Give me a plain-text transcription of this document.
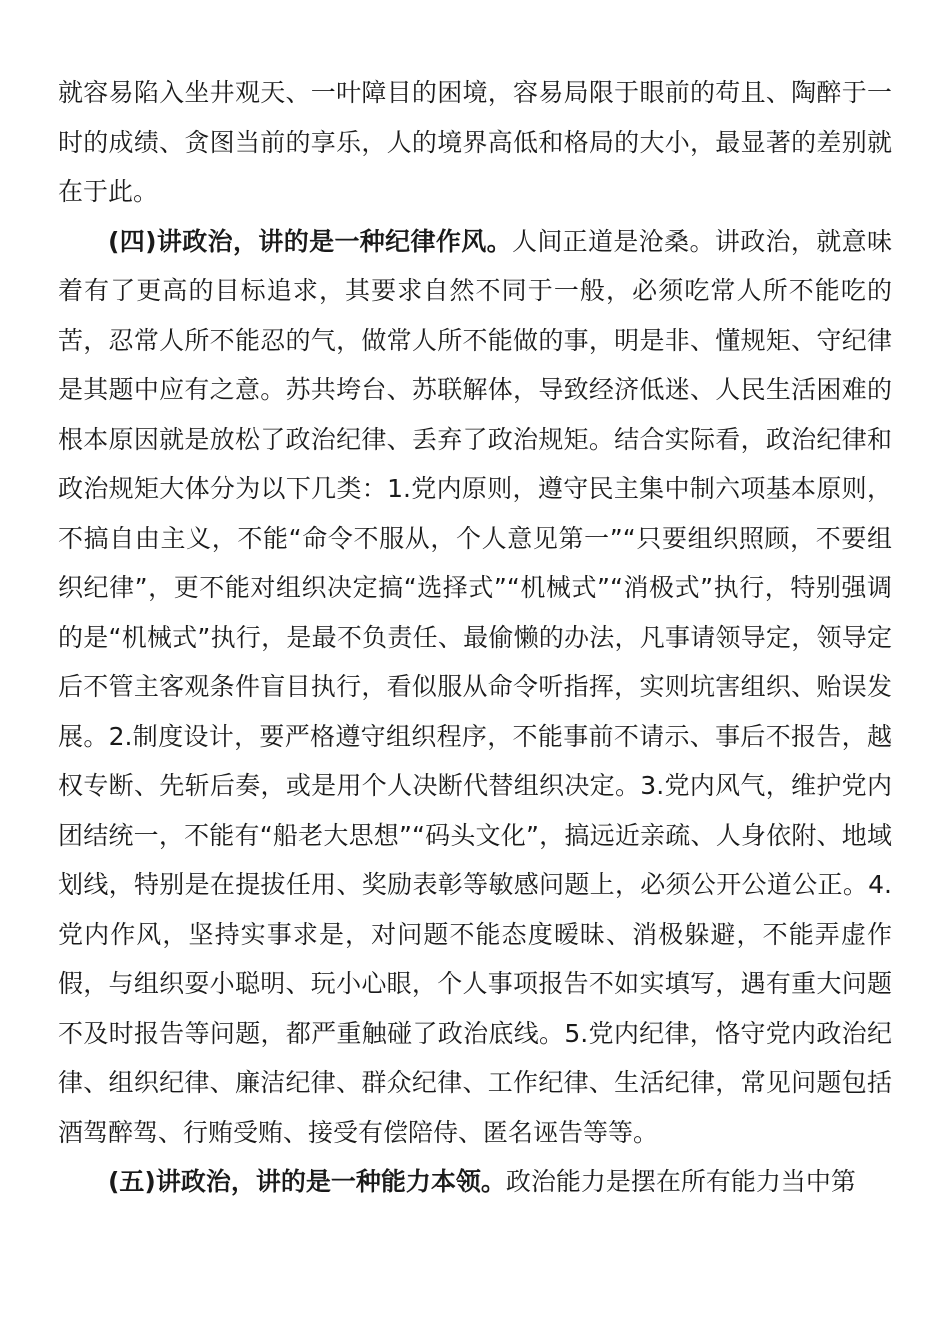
就容易陷入坐井观天、一叶障目的困境，容易局限于眼前的苟且、陶醉于一时的成绩、贪图当前的享乐，人的境界高低和格局的大小，最显著的差别就在于此。

(四)讲政治，讲的是一种纪律作风。人间正道是沧桑。讲政治，就意味着有了更高的目标追求，其要求自然不同于一般，必须吃常人所不能吃的苦，忍常人所不能忍的气，做常人所不能做的事，明是非、懂规矩、守纪律是其题中应有之意。苏共垮台、苏联解体，导致经济低迷、人民生活困难的根本原因就是放松了政治纪律、丢弃了政治规矩。结合实际看，政治纪律和政治规矩大体分为以下几类：1.党内原则，遵守民主集中制六项基本原则，不搞自由主义，不能“命令不服从，个人意见第一”“只要组织照顾，不要组织纪律”，更不能对组织决定搞“选择式”“机械式”“消极式”执行，特别强调的是“机械式”执行，是最不负责任、最偷懒的办法，凡事请领导定，领导定后不管主客观条件盲目执行，看似服从命令听指挥，实则坑害组织、贻误发展。2.制度设计，要严格遵守组织程序，不能事前不请示、事后不报告，越权专断、先斩后奏，或是用个人决断代替组织决定。3.党内风气，维护党内团结统一，不能有“船老大思想”“码头文化”，搞远近亲疏、人身依附、地域划线，特别是在提拔任用、奖励表彰等敏感问题上，必须公开公道公正。4.党内作风，坚持实事求是，对问题不能态度暧昧、消极躲避，不能弄虚作假，与组织耍小聪明、玩小心眼，个人事项报告不如实填写，遇有重大问题不及时报告等问题，都严重触碰了政治底线。5.党内纪律，恪守党内政治纪律、组织纪律、廉洁纪律、群众纪律、工作纪律、生活纪律，常见问题包括酒驾醉驾、行贿受贿、接受有偿陪侍、匿名诬告等等。

(五)讲政治，讲的是一种能力本领。政治能力是摆在所有能力当中第
